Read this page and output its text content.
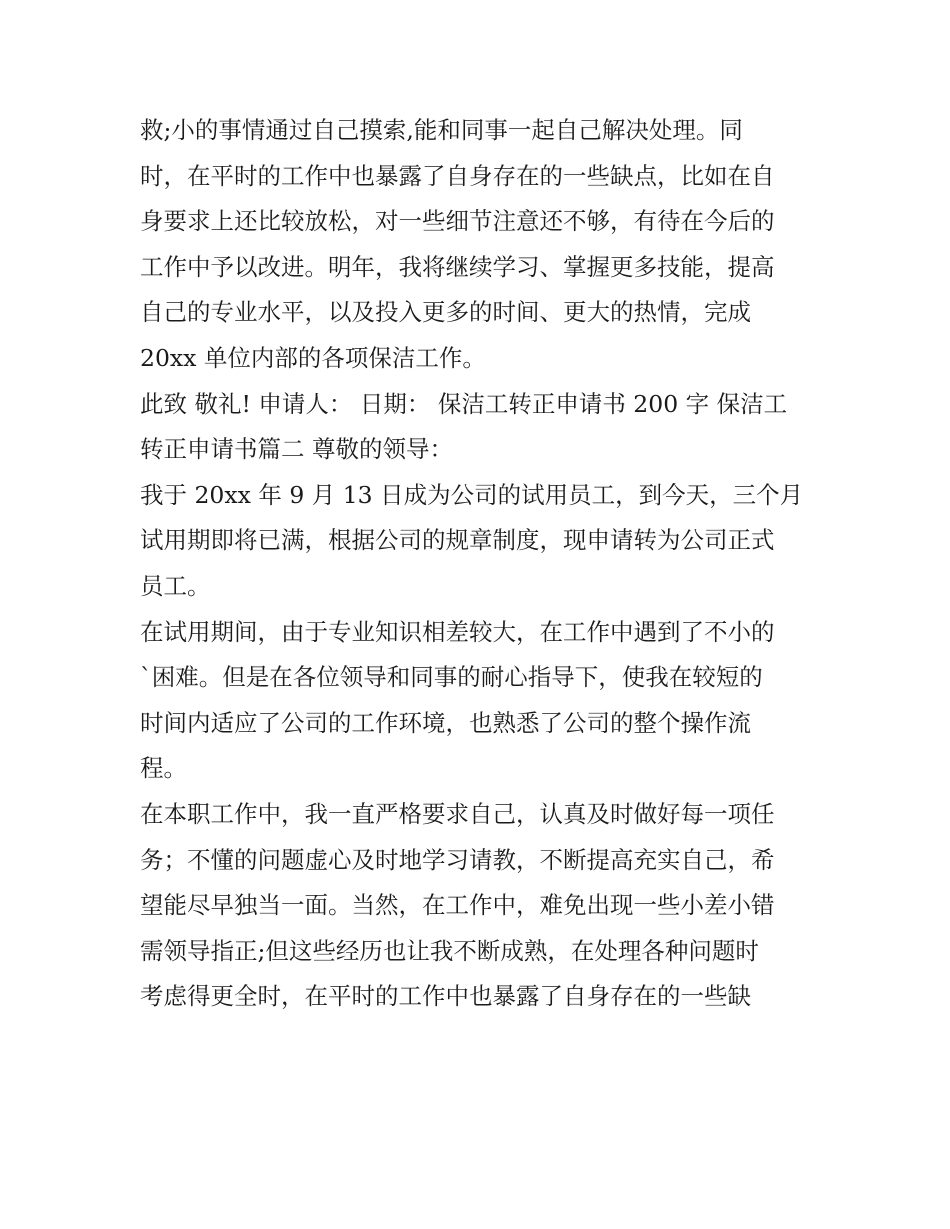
救;小的事情通过自己摸索,能和同事一起自己解决处理。同
时，在平时的工作中也暴露了自身存在的一些缺点，比如在自
身要求上还比较放松，对一些细节注意还不够，有待在今后的
工作中予以改进。明年，我将继续学习、掌握更多技能，提高
自己的专业水平，以及投入更多的时间、更大的热情，完成
20xx 单位内部的各项保洁工作。
此致 敬礼! 申请人： 日期： 保洁工转正申请书 200 字 保洁工
转正申请书篇二 尊敬的领导：
我于 20xx 年 9 月 13 日成为公司的试用员工，到今天，三个月
试用期即将已满，根据公司的规章制度，现申请转为公司正式
员工。
在试用期间，由于专业知识相差较大，在工作中遇到了不小的
`困难。但是在各位领导和同事的耐心指导下，使我在较短的
时间内适应了公司的工作环境，也熟悉了公司的整个操作流
程。
在本职工作中，我一直严格要求自己，认真及时做好每一项任
务；不懂的问题虚心及时地学习请教，不断提高充实自己，希
望能尽早独当一面。当然，在工作中，难免出现一些小差小错
需领导指正;但这些经历也让我不断成熟，在处理各种问题时
考虑得更全时，在平时的工作中也暴露了自身存在的一些缺
